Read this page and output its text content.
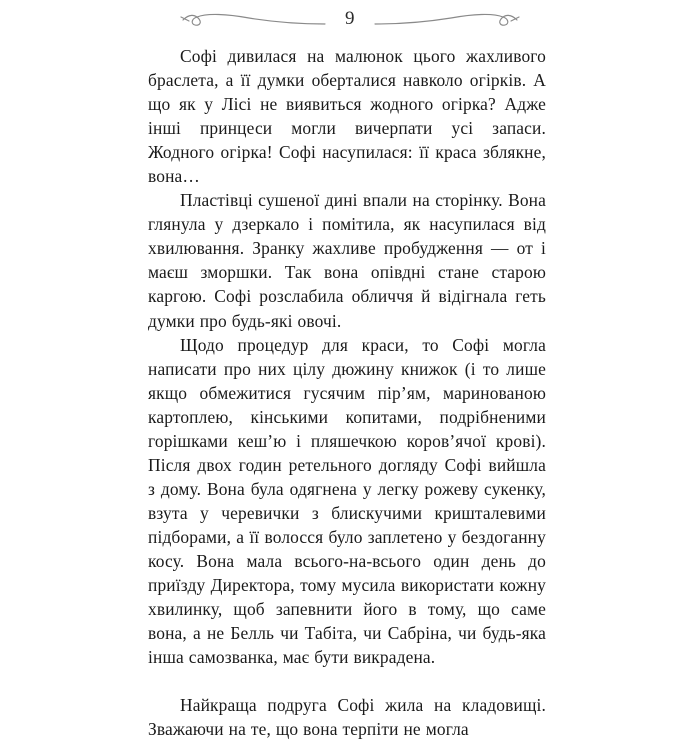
9

Софі дивилася на малюнок цього жахливого браслета, а її думки оберталися навколо огірків. А що як у Лісі не виявиться жодного огірка? Адже інші принцеси могли вичерпати усі запаси. Жодного огірка! Софі насупилася: її краса зблякне, вона…

Пластівці сушеної дині впали на сторінку. Вона глянула у дзеркало і помітила, як насупилася від хвилювання. Зранку жахливе пробудження — от і маєш зморшки. Так вона опівдні стане старою каргою. Софі розслабила обличчя й відігнала геть думки про будь-які овочі.

Щодо процедур для краси, то Софі могла написати про них цілу дюжину книжок (і то лише якщо обмежитися гусячим пір’ям, маринованою картоплею, кінськими копитами, подрібненими горішками кеш’ю і пляшечкою коров’ячої крові). Після двох годин ретельного догляду Софі вийшла з дому. Вона була одягнена у легку рожеву сукенку, взута у черевички з блискучими кришталевими підборами, а її волосся було заплетено у бездоганну косу. Вона мала всього-на-всього один день до приїзду Директора, тому мусила використати кожну хвилинку, щоб запевнити його в тому, що саме вона, а не Белль чи Табіта, чи Сабріна, чи будь-яка інша самозванка, має бути викрадена.

Найкраща подруга Софі жила на кладовищі. Зважаючи на те, що вона терпіти не могла
